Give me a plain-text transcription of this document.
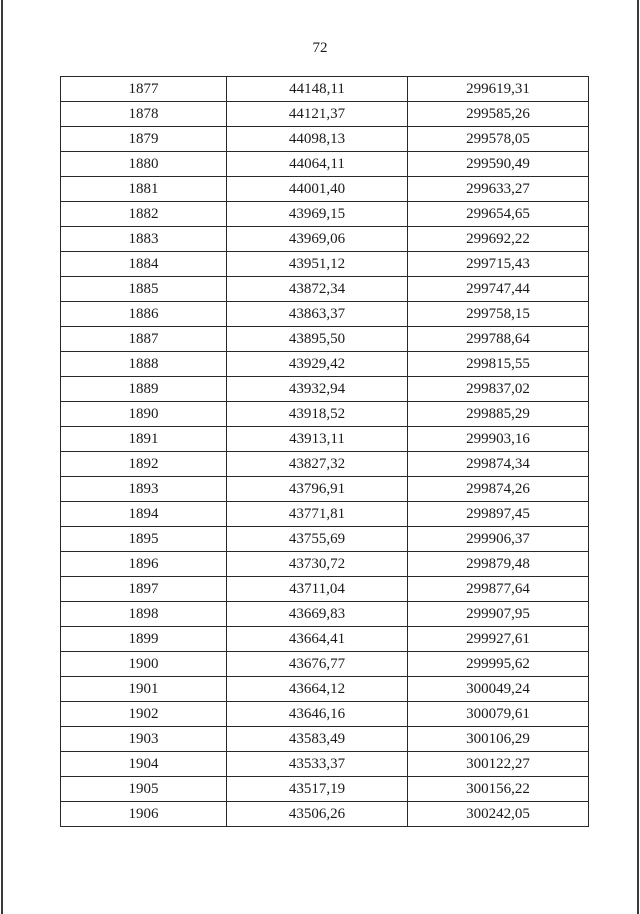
72
1877	44148,11	299619,31
1878	44121,37	299585,26
1879	44098,13	299578,05
1880	44064,11	299590,49
1881	44001,40	299633,27
1882	43969,15	299654,65
1883	43969,06	299692,22
1884	43951,12	299715,43
1885	43872,34	299747,44
1886	43863,37	299758,15
1887	43895,50	299788,64
1888	43929,42	299815,55
1889	43932,94	299837,02
1890	43918,52	299885,29
1891	43913,11	299903,16
1892	43827,32	299874,34
1893	43796,91	299874,26
1894	43771,81	299897,45
1895	43755,69	299906,37
1896	43730,72	299879,48
1897	43711,04	299877,64
1898	43669,83	299907,95
1899	43664,41	299927,61
1900	43676,77	299995,62
1901	43664,12	300049,24
1902	43646,16	300079,61
1903	43583,49	300106,29
1904	43533,37	300122,27
1905	43517,19	300156,22
1906	43506,26	300242,05
